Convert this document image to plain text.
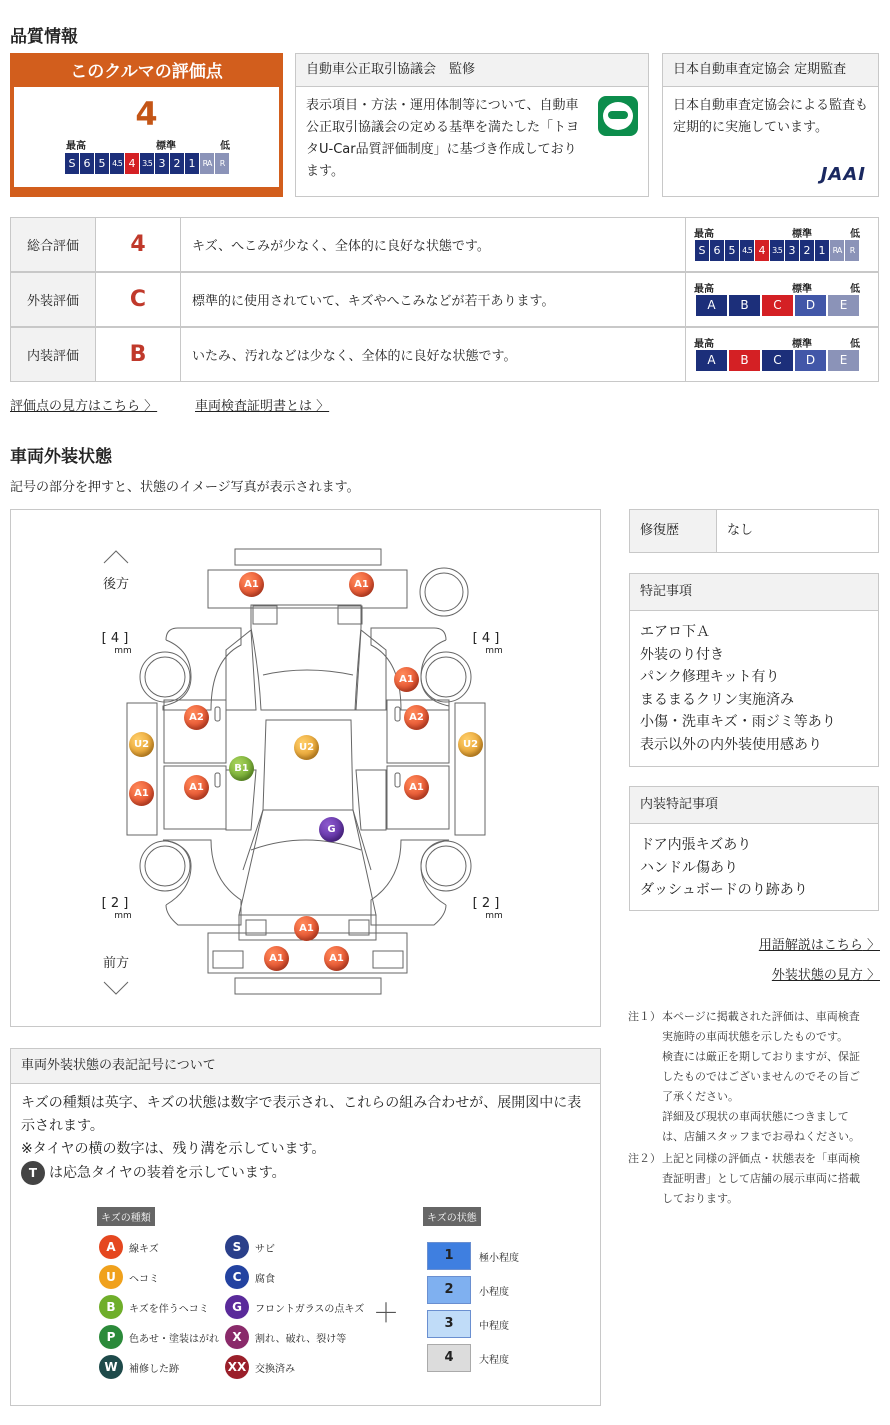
品質情報
このクルマの評価点
4
最高	標準	低
S 6 5 4.5 4 3.5 3 2 1 RA	R
自動車公正取引協議会　監修
表示項目・方法・運用体制等について、自動車公正取引協議会の定める基準を満たした「トヨタU-Car品質評価制度」に基づき作成しております。
日本自動車査定協会 定期監査
日本自動車査定協会による監査も定期的に実施しています。
JAAI
総合評価	4	キズ、へこみが少なく、全体的に良好な状態です。
最高	標準	低
S 6 5 4.5 4 3.5 3 2 1 RA	R
外装評価	C	標準的に使用されていて、キズやへこみなどが若干あります。
最高	標準	低
A	B	C	D	E
内装評価	B	いたみ、汚れなどは少なく、全体的に良好な状態です。
最高	標準	低
A	B	C	D	E
評価点の見方はこちら 〉	車両検査証明書とは 〉
車両外装状態
記号の部分を押すと、状態のイメージ写真が表示されます。
後方
前方
[ 4 ]
mm
[ 4 ]
mm
[ 2 ]
mm
[ 2 ]
mm
A1	A1
A1
A2	A2
U2	U2	U2
A1
B1
A1	A1
G
A1
A1	A1
修復歴	なし
特記事項
エアロ下Ａ
外装のり付き
パンク修理キット有り
まるまるクリン実施済み
小傷・洗車キズ・雨ジミ等あり
表示以外の内外装使用感あり
内装特記事項
ドア内張キズあり
ハンドル傷あり
ダッシュボードのり跡あり
用語解説はこちら 〉
外装状態の見方 〉
注１） 本ページに掲載された評価は、車両検査
実施時の車両状態を示したものです。
検査には厳正を期しておりますが、保証
したものではございませんのでその旨ご
了承ください。
詳細及び現状の車両状態につきまして
は、店舗スタッフまでお尋ねください。
注２） 上記と同様の評価点・状態表を「車両検
査証明書」として店舗の展示車両に搭載
しております。
車両外装状態の表記記号について
キズの種類は英字、キズの状態は数字で表示され、これらの組み合わせが、展開図中に表示されます。
※タイヤの横の数字は、残り溝を示しています。
T は応急タイヤの装着を示しています。
キズの種類	キズの状態
A	線キズ
U	ヘコミ
B	キズを伴うヘコミ
P	色あせ・塗装はがれ
W	補修した跡
S	サビ
C	腐食
G	フロントガラスの点キズ
X	割れ、破れ、裂け等
XX 交換済み
＋
1	極小程度
2	小程度
3	中程度
4	大程度
